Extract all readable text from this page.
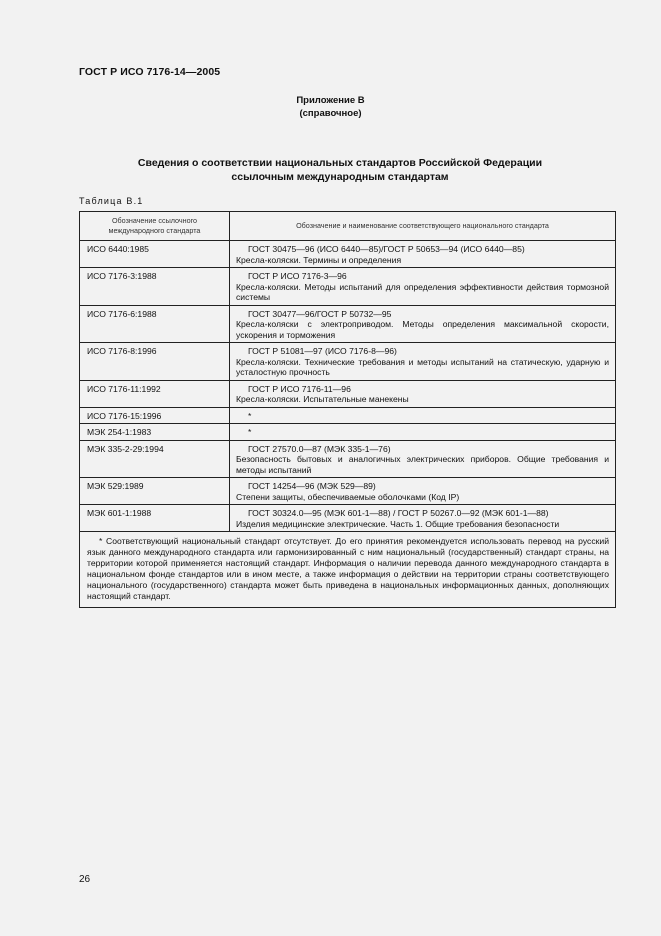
ГОСТ Р ИСО 7176-14—2005
Приложение В
(справочное)
Сведения о соответствии национальных стандартов Российской Федерации
ссылочным международным стандартам
Таблица В.1
Обозначение ссылочного международного стандарта	Обозначение и наименование соответствующего национального стандарта
ИСО 6440:1985	ГОСТ 30475—96 (ИСО 6440—85)/ГОСТ Р 50653—94 (ИСО 6440—85)
Кресла-коляски. Термины и определения

ИСО 7176-3:1988	ГОСТ Р ИСО 7176-3—96
Кресла-коляски. Методы испытаний для определения эффективности действия тормозной системы

ИСО 7176-6:1988	ГОСТ 30477—96/ГОСТ Р 50732—95
Кресла-коляски с электроприводом. Методы определения максимальной скорости, ускорения и торможения

ИСО 7176-8:1996	ГОСТ Р 51081—97 (ИСО 7176-8—96)
Кресла-коляски. Технические требования и методы испытаний на статическую, ударную и усталостную прочность

ИСО 7176-11:1992	ГОСТ Р ИСО 7176-11—96
Кресла-коляски. Испытательные манекены

ИСО 7176-15:1996	*

МЭК 254-1:1983	*

МЭК 335-2-29:1994	ГОСТ 27570.0—87 (МЭК 335-1—76)
Безопасность бытовых и аналогичных электрических приборов. Общие требования и методы испытаний

МЭК 529:1989	ГОСТ 14254—96 (МЭК 529—89)
Степени защиты, обеспечиваемые оболочками (Код IP)

МЭК 601-1:1988	ГОСТ 30324.0—95 (МЭК 601-1—88) / ГОСТ Р 50267.0—92 (МЭК 601-1—88)
Изделия медицинские электрические. Часть 1. Общие требования безопасности

* Соответствующий национальный стандарт отсутствует. До его принятия рекомендуется использовать перевод на русский язык данного международного стандарта или гармонизированный с ним национальный (государственный) стандарт страны, на территории которой применяется настоящий стандарт. Информация о наличии перевода данного международного стандарта в национальном фонде стандартов или в ином месте, а также информация о действии на территории страны соответствующего национального (государственного) стандарта может быть приведена в национальных информационных данных, дополняющих настоящий стандарт.	
26
